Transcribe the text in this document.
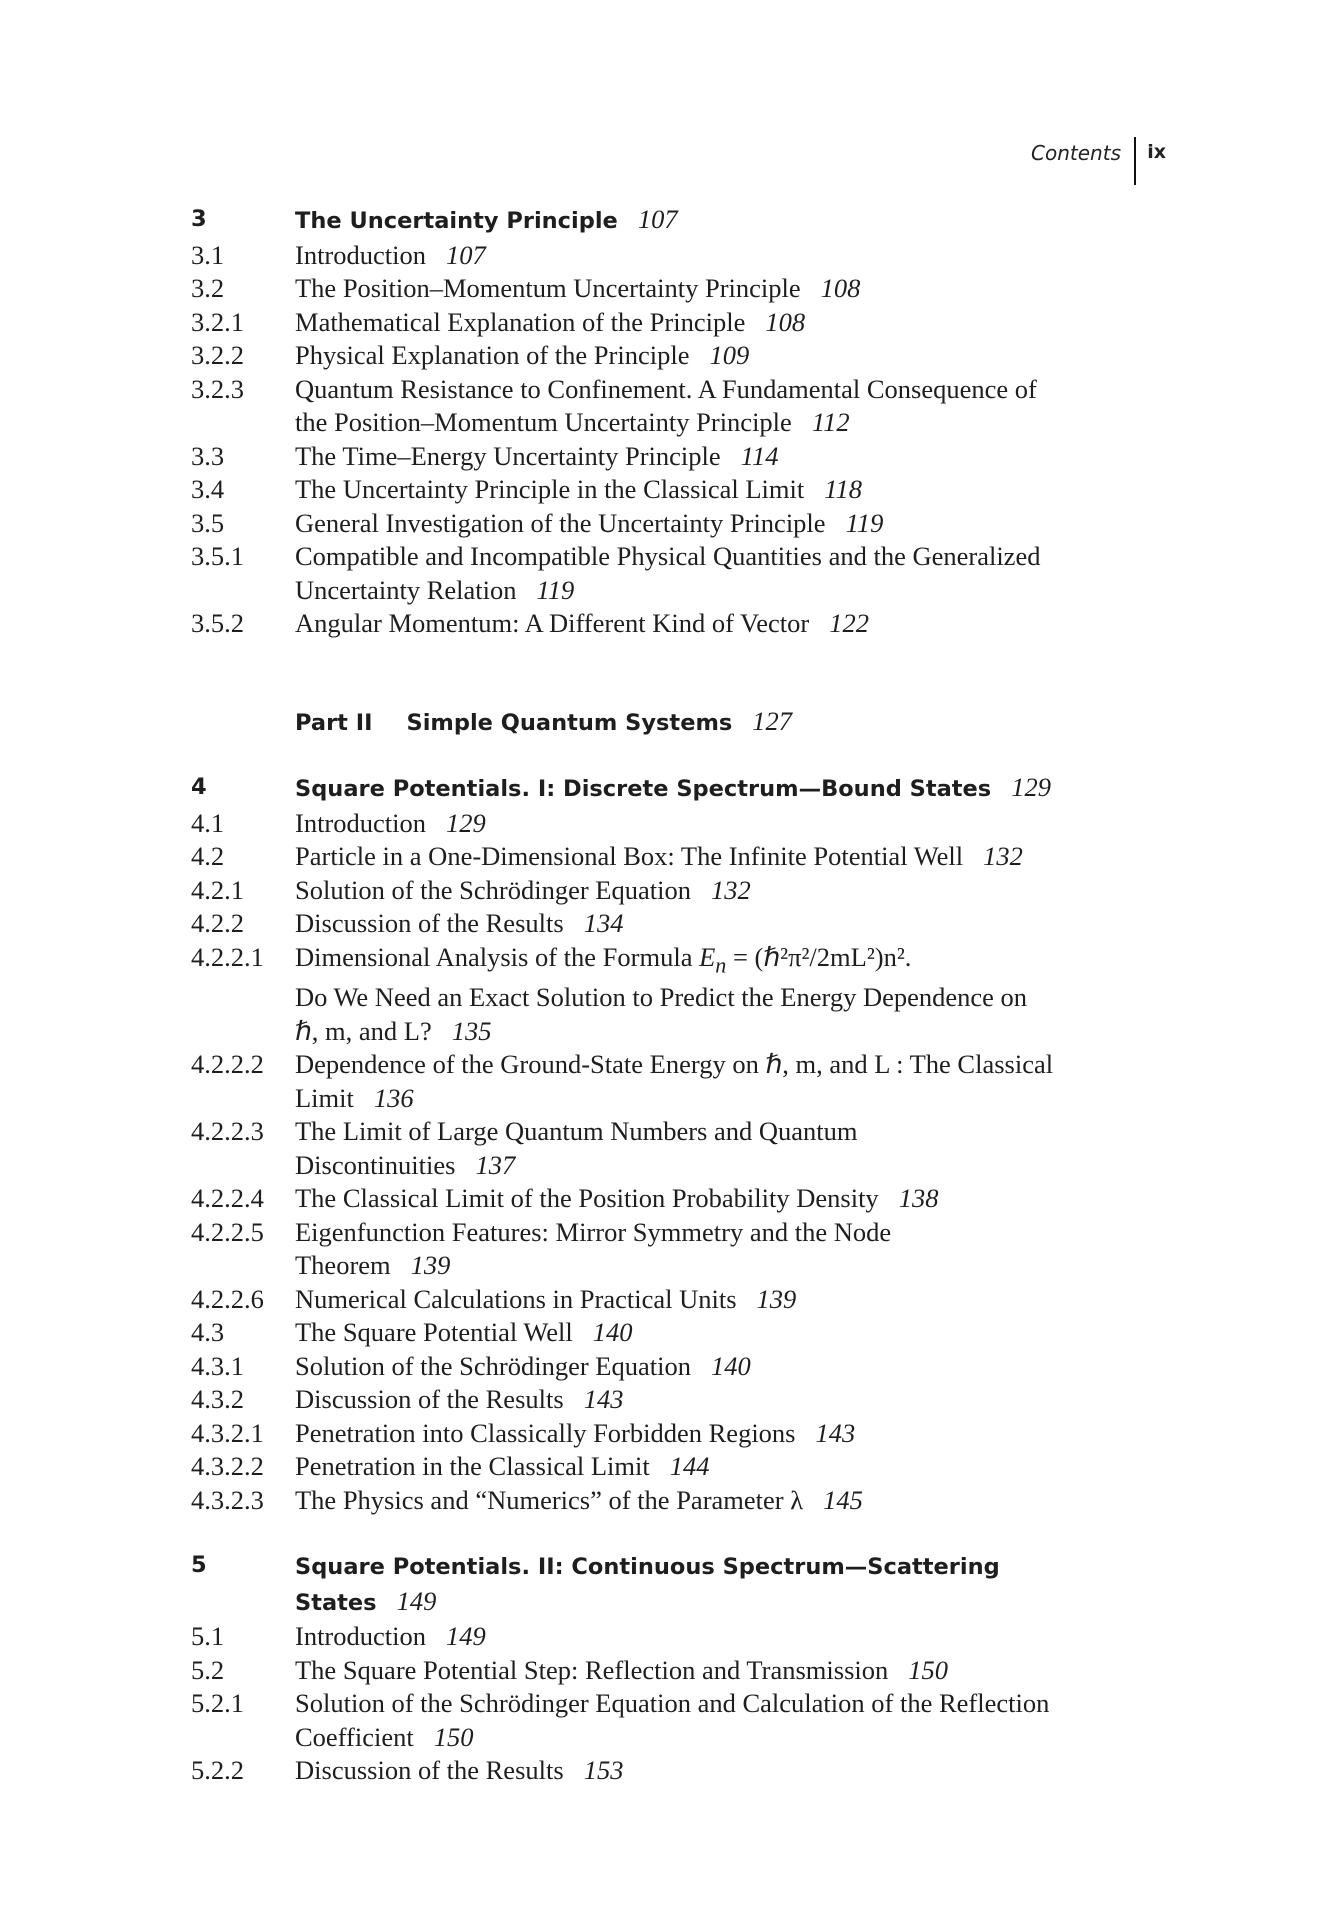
Contents ix
3	The Uncertainty Principle 107
3.1	Introduction 107
3.2	The Position–Momentum Uncertainty Principle 108
3.2.1	Mathematical Explanation of the Principle 108
3.2.2	Physical Explanation of the Principle 109
3.2.3	Quantum Resistance to Confinement. A Fundamental Consequence of
the Position–Momentum Uncertainty Principle 112
3.3	The Time–Energy Uncertainty Principle 114
3.4	The Uncertainty Principle in the Classical Limit 118
3.5	General Investigation of the Uncertainty Principle 119
3.5.1	Compatible and Incompatible Physical Quantities and the Generalized
Uncertainty Relation 119
3.5.2	Angular Momentum: A Different Kind of Vector 122
Part II Simple Quantum Systems 127
4	Square Potentials. I: Discrete Spectrum—Bound States 129
4.1	Introduction 129
4.2	Particle in a One-Dimensional Box: The Infinite Potential Well 132
4.2.1	Solution of the Schrödinger Equation 132
4.2.2	Discussion of the Results 134
4.2.2.1	Dimensional Analysis of the Formula $E_n$ = (ℏ²π²/2mL²)n².
Do We Need an Exact Solution to Predict the Energy Dependence on
ℏ, m, and L? 135
4.2.2.2	Dependence of the Ground-State Energy on ℏ, m, and L : The Classical
Limit 136
4.2.2.3	The Limit of Large Quantum Numbers and Quantum
Discontinuities 137
4.2.2.4	The Classical Limit of the Position Probability Density 138
4.2.2.5	Eigenfunction Features: Mirror Symmetry and the Node
Theorem 139
4.2.2.6	Numerical Calculations in Practical Units 139
4.3	The Square Potential Well 140
4.3.1	Solution of the Schrödinger Equation 140
4.3.2	Discussion of the Results 143
4.3.2.1	Penetration into Classically Forbidden Regions 143
4.3.2.2	Penetration in the Classical Limit 144
4.3.2.3	The Physics and “Numerics” of the Parameter λ 145
5	Square Potentials. II: Continuous Spectrum—Scattering
States 149
5.1	Introduction 149
5.2	The Square Potential Step: Reflection and Transmission 150
5.2.1	Solution of the Schrödinger Equation and Calculation of the Reflection
Coefficient 150
5.2.2	Discussion of the Results 153
